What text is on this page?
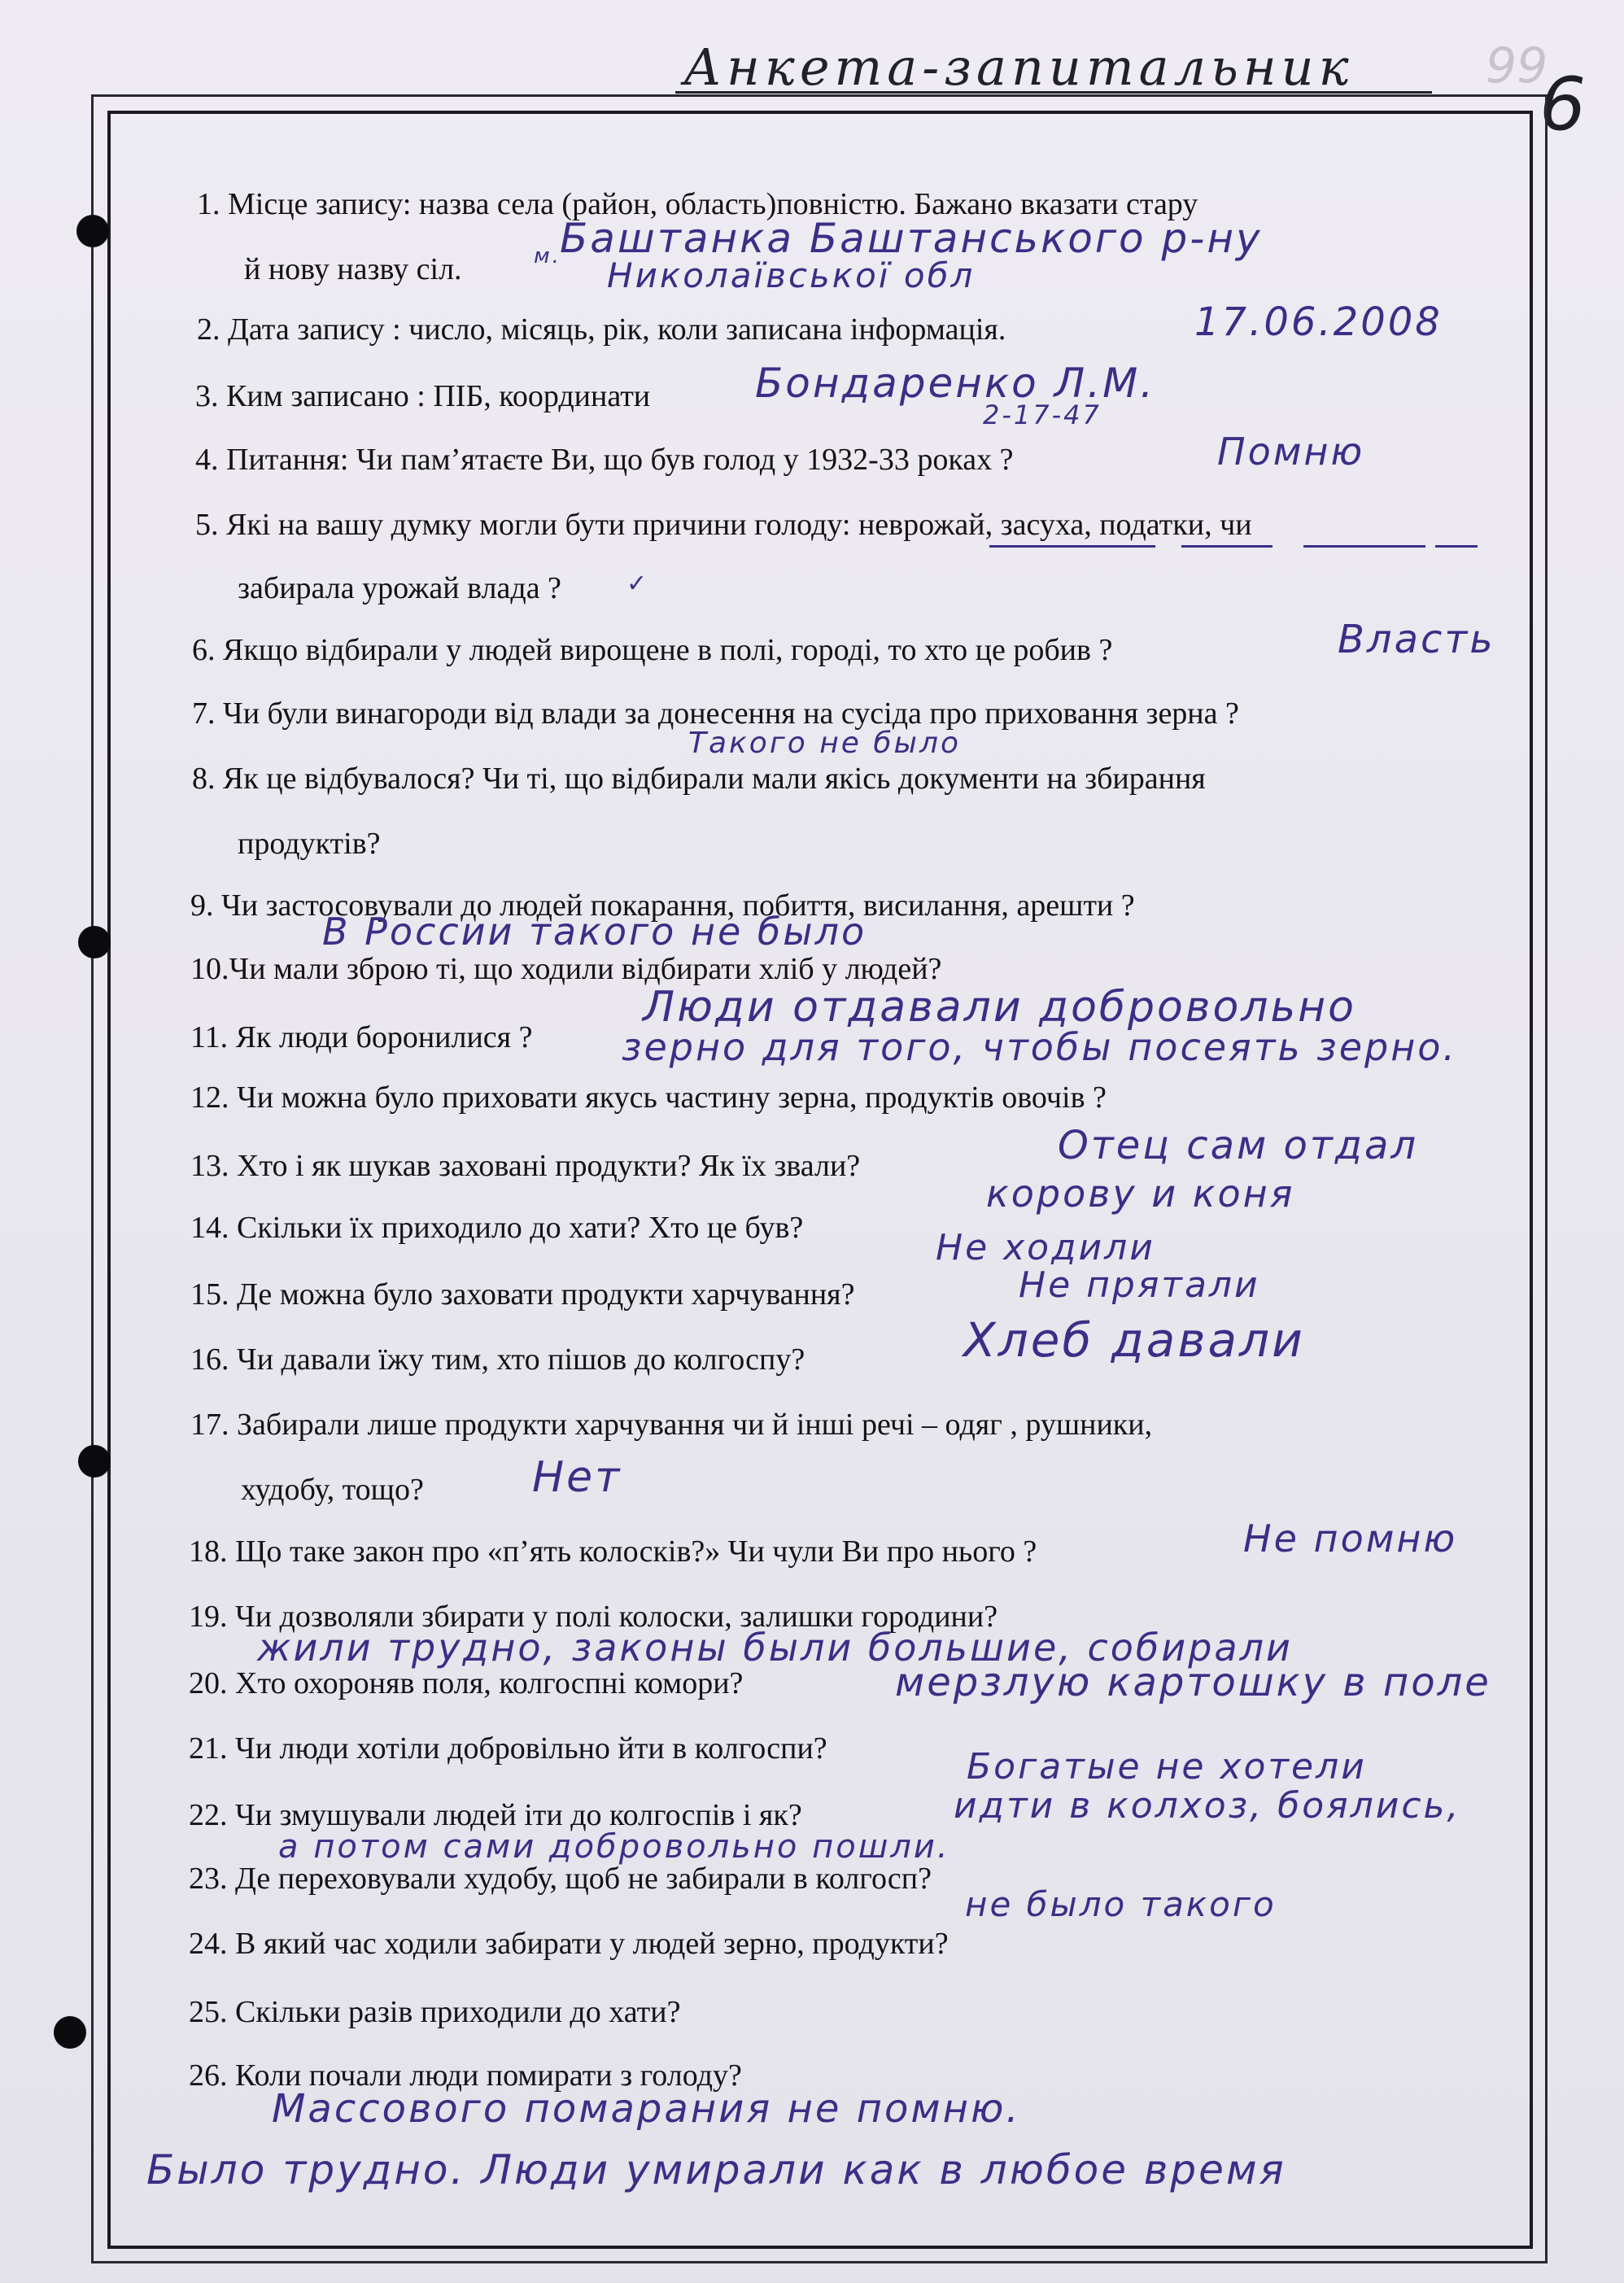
Анкета-запитальник	99
6
1. Місце запису: назва села (район, область)повністю. Бажано вказати стару
й нову назву сіл.
2. Дата запису : число, місяць, рік, коли записана інформація.
3. Ким записано : ПІБ, координати
4. Питання: Чи пам’ятаєте Ви, що був голод у 1932-33 роках ?
5. Які на вашу думку могли бути причини голоду: неврожай, засуха, податки, чи
забирала урожай влада ?
6. Якщо відбирали у людей вирощене в полі, городі, то хто це робив ?
7. Чи були винагороди від влади за донесення на сусіда про приховання зерна ?
8. Як це відбувалося? Чи ті, що відбирали мали якісь документи на збирання
продуктів?
9. Чи застосовували до людей покарання, побиття, висилання, арешти ?
10.Чи мали зброю ті, що ходили відбирати хліб у людей?
11. Як люди боронилися ?
12. Чи можна було приховати якусь частину зерна, продуктів овочів ?
13. Хто і як шукав заховані продукти? Як їх звали?
14. Скільки їх приходило до хати? Хто це був?
15. Де можна було заховати продукти харчування?
16. Чи давали їжу тим, хто пішов до колгоспу?
17. Забирали лише продукти харчування чи й інші речі – одяг , рушники,
худобу, тощо?
18. Що таке закон про «п’ять колосків?» Чи чули Ви про нього ?
19. Чи дозволяли збирати у полі колоски, залишки городини?
20. Хто охороняв поля, колгоспні комори?
21. Чи люди хотіли добровільно йти в колгоспи?
22. Чи змушували людей іти до колгоспів і як?
23. Де переховували худобу, щоб не забирали в колгосп?
24. В який час ходили забирати у людей зерно, продукти?
25. Скільки разів приходили до хати?
26. Коли почали люди помирати з голоду?
✓
м.
Баштанка Баштанського р-ну
Николаївської обл
17.06.2008
Бондаренко Л.М.
2-17-47
Помню
Власть
Такого не было
В России такого не было
Люди отдавали добровольно
зерно для того, чтобы посеять зерно.
Отец сам отдал
корову и коня
Не ходили
Не прятали
Хлеб давали
Нет
Не помню
жили трудно, законы были большие, собирали
мерзлую картошку в поле
Богатые не хотели
идти в колхоз, боялись,
а потом сами добровольно пошли.
не было такого
Массового помарания не помню.
Было трудно. Люди умирали как в любое время
